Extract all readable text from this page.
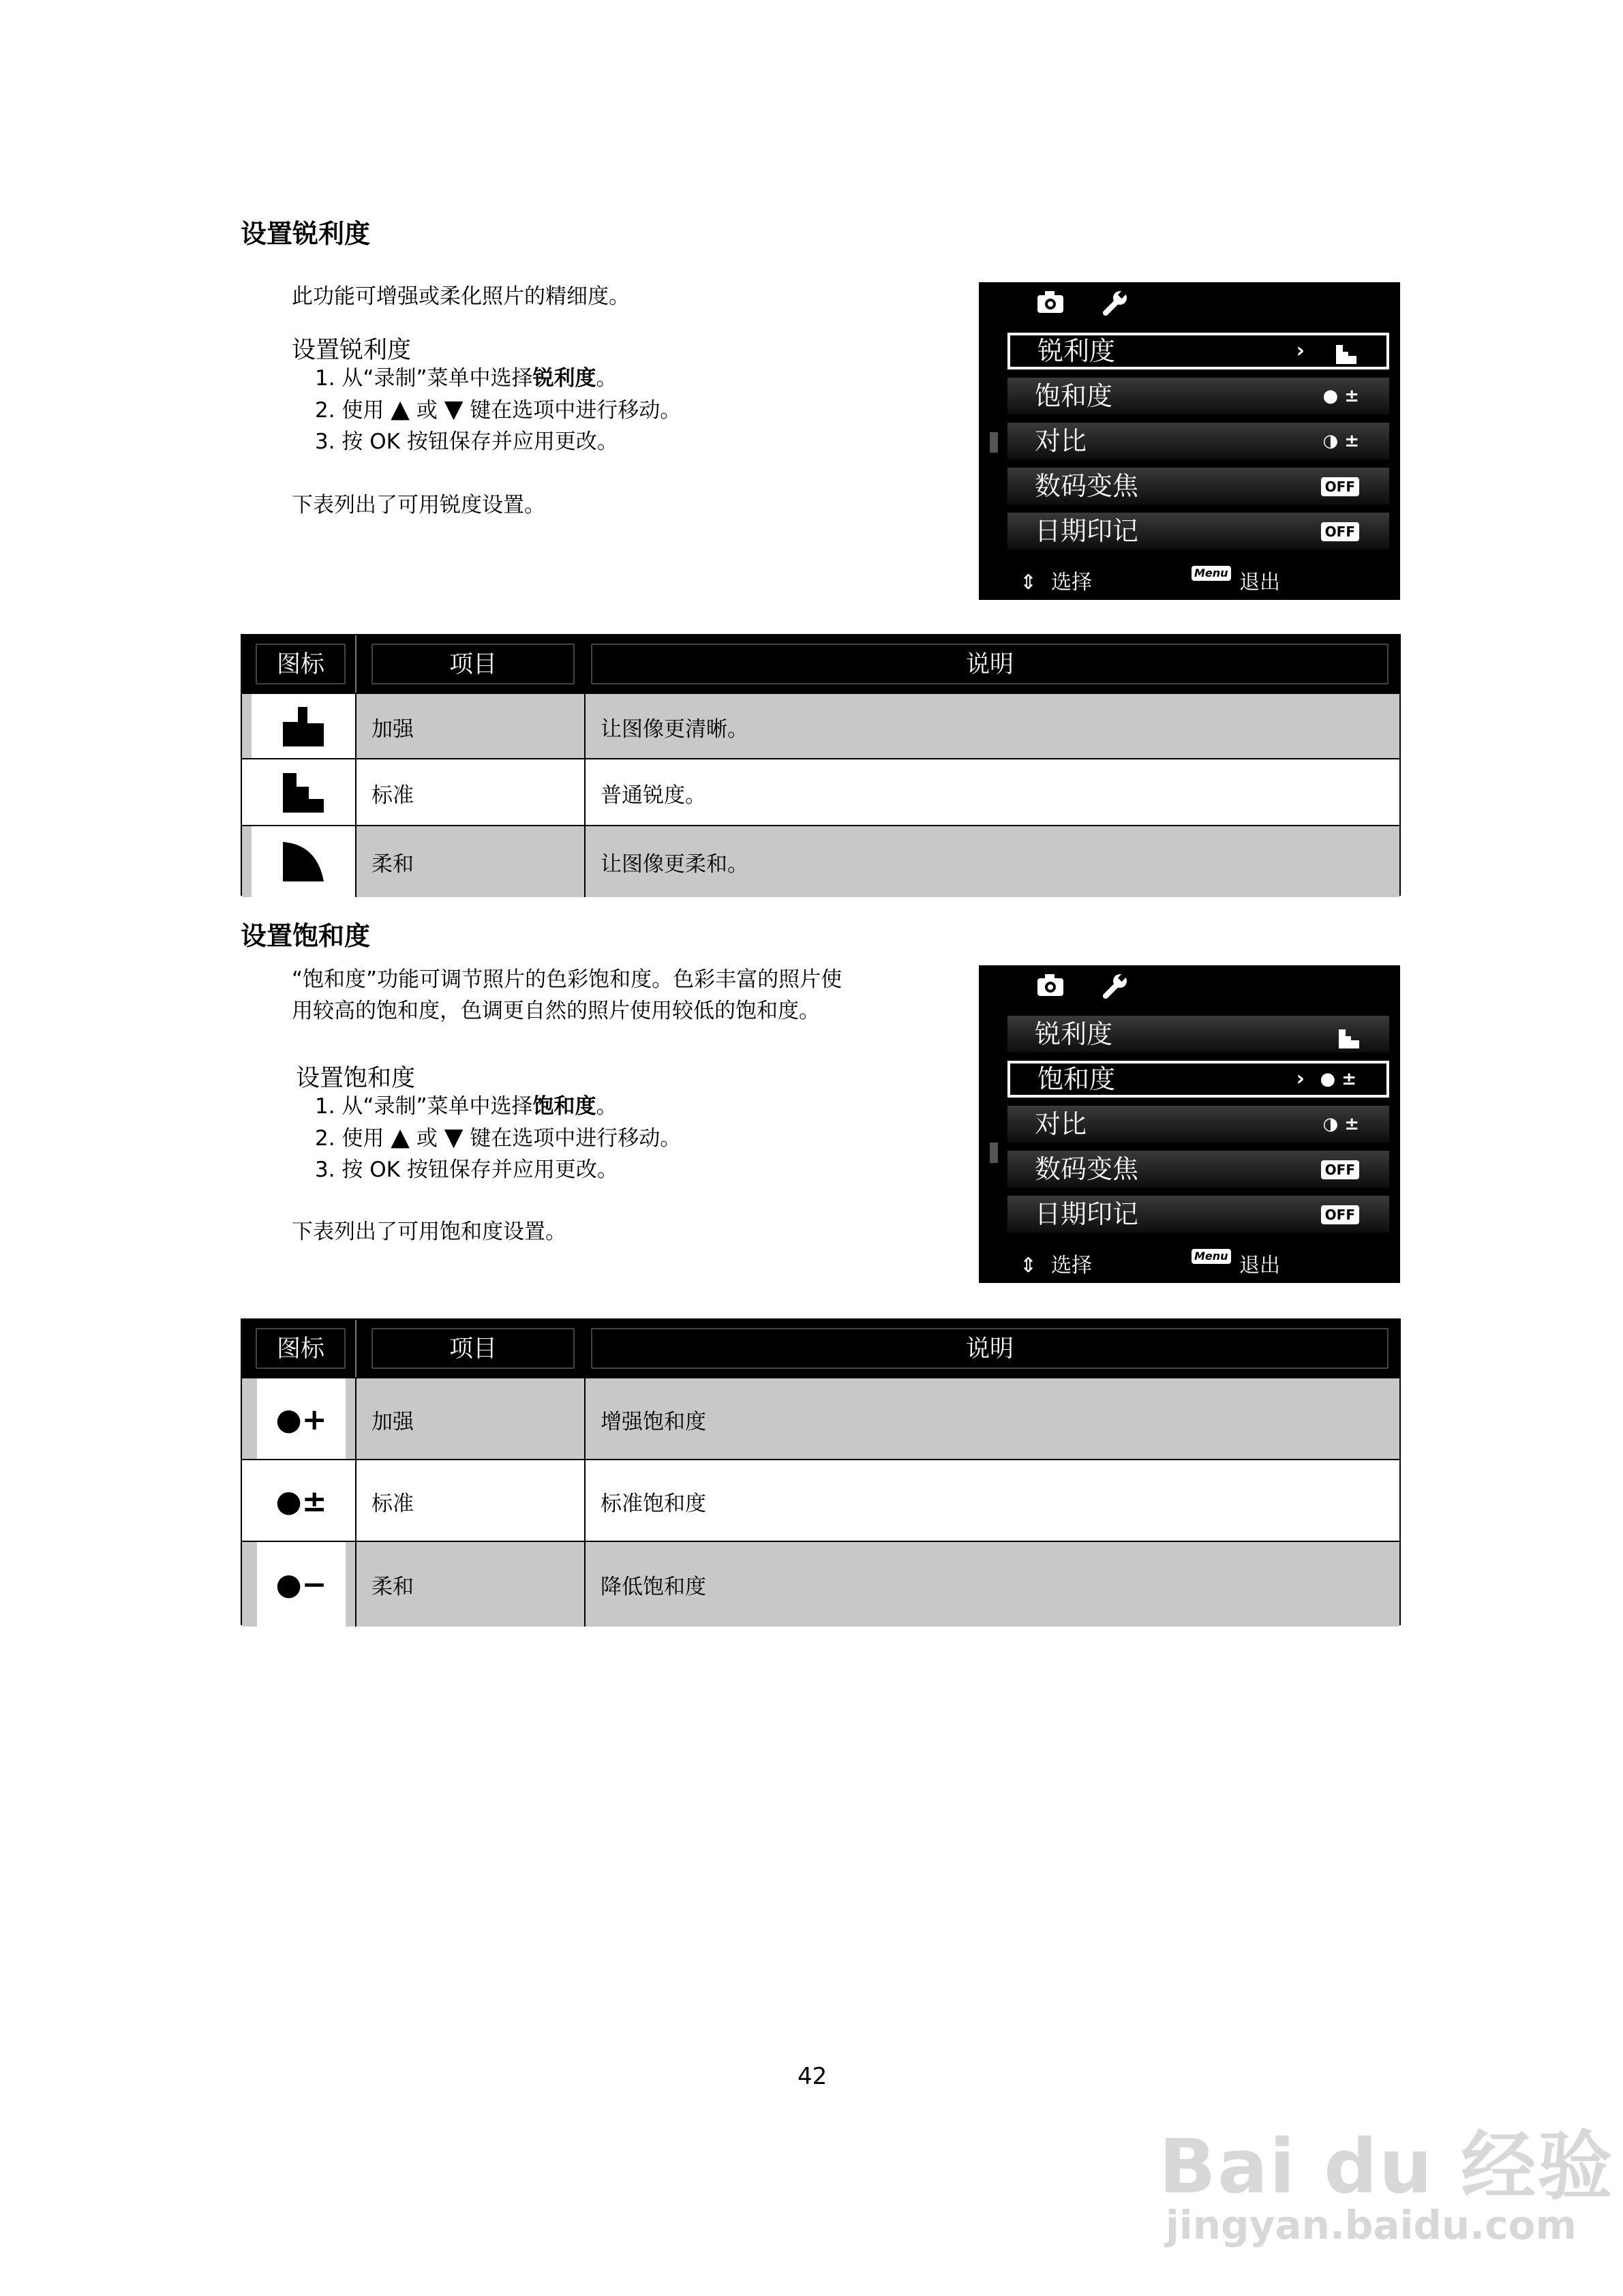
设置锐利度
此功能可增强或柔化照片的精细度。
设置锐利度
1. 从“录制”菜单中选择锐利度。
2. 使用 ▲ 或 ▼ 键在选项中进行移动。
3. 按 OK 按钮保存并应用更改。
下表列出了可用锐度设置。
锐利度	›
饱和度	● ±
对比	◑ ±
数码变焦	OFF
日期印记	OFF
⇕ 选择	Menu 退出
图标	项目	说明
加强	让图像更清晰。
标准	普通锐度。
柔和	让图像更柔和。
设置饱和度
“饱和度”功能可调节照片的色彩饱和度。色彩丰富的照片使
用较高的饱和度，色调更自然的照片使用较低的饱和度。
设置饱和度
1. 从“录制”菜单中选择饱和度。
2. 使用 ▲ 或 ▼ 键在选项中进行移动。
3. 按 OK 按钮保存并应用更改。
下表列出了可用饱和度设置。
锐利度
饱和度	› ● ±
对比	◑ ±
数码变焦	OFF
日期印记	OFF
⇕ 选择	Menu 退出
图标	项目	说明
●+ 加强	增强饱和度
●± 标准	标准饱和度
●− 柔和	降低饱和度
42
Bai du 经验
jingyan.baidu.com
